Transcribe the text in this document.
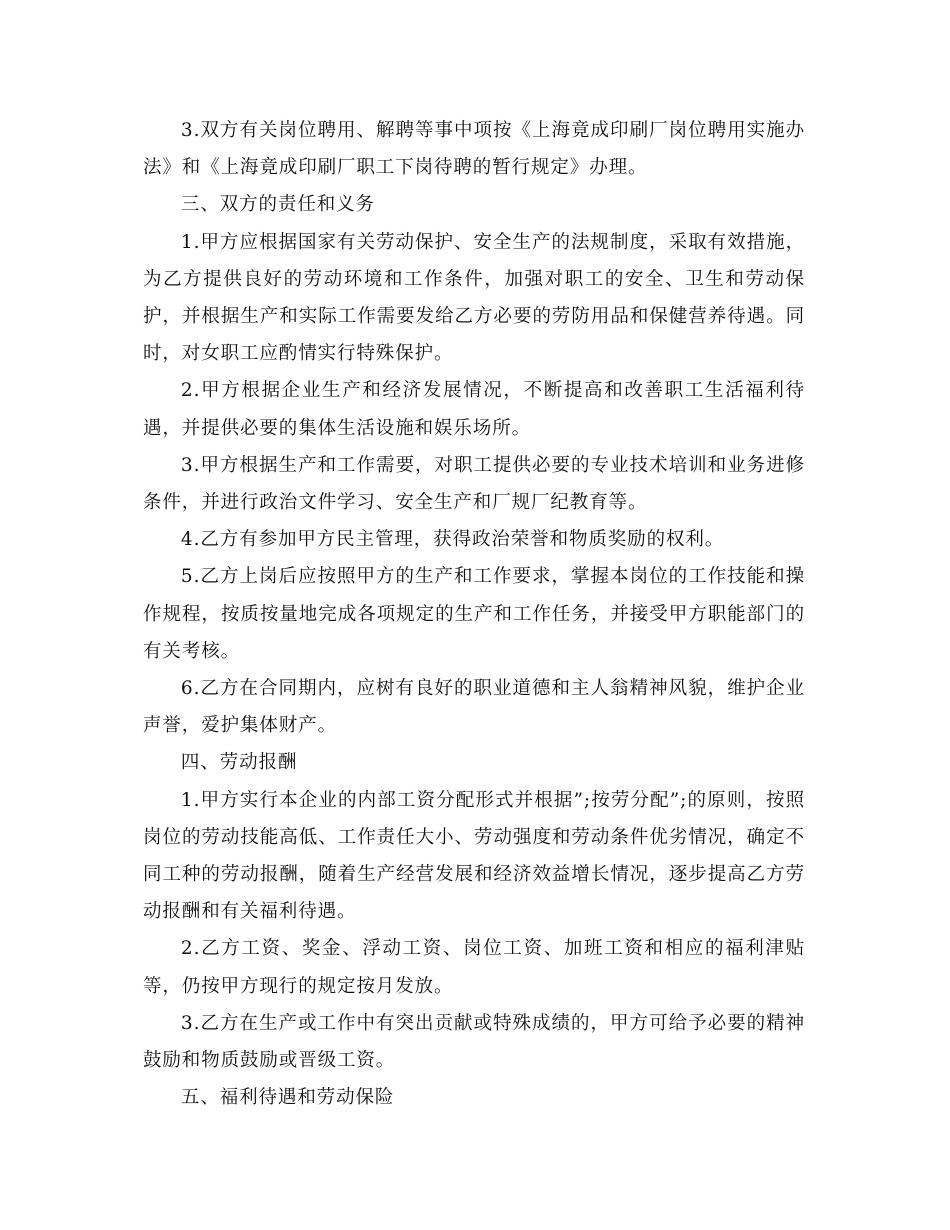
3.双方有关岗位聘用、解聘等事中项按《上海竟成印刷厂岗位聘用实施办法》和《上海竟成印刷厂职工下岗待聘的暂行规定》办理。

三、双方的责任和义务

1.甲方应根据国家有关劳动保护、安全生产的法规制度，采取有效措施，为乙方提供良好的劳动环境和工作条件，加强对职工的安全、卫生和劳动保护，并根据生产和实际工作需要发给乙方必要的劳防用品和保健营养待遇。同时，对女职工应酌情实行特殊保护。

2.甲方根据企业生产和经济发展情况，不断提高和改善职工生活福利待遇，并提供必要的集体生活设施和娱乐场所。

3.甲方根据生产和工作需要，对职工提供必要的专业技术培训和业务进修条件，并进行政治文件学习、安全生产和厂规厂纪教育等。

4.乙方有参加甲方民主管理，获得政治荣誉和物质奖励的权利。

5.乙方上岗后应按照甲方的生产和工作要求，掌握本岗位的工作技能和操作规程，按质按量地完成各项规定的生产和工作任务，并接受甲方职能部门的有关考核。

6.乙方在合同期内，应树有良好的职业道德和主人翁精神风貌，维护企业声誉，爱护集体财产。

四、劳动报酬

1.甲方实行本企业的内部工资分配形式并根据”;按劳分配”;的原则，按照岗位的劳动技能高低、工作责任大小、劳动强度和劳动条件优劣情况，确定不同工种的劳动报酬，随着生产经营发展和经济效益增长情况，逐步提高乙方劳动报酬和有关福利待遇。

2.乙方工资、奖金、浮动工资、岗位工资、加班工资和相应的福利津贴等，仍按甲方现行的规定按月发放。

3.乙方在生产或工作中有突出贡献或特殊成绩的，甲方可给予必要的精神鼓励和物质鼓励或晋级工资。

五、福利待遇和劳动保险
